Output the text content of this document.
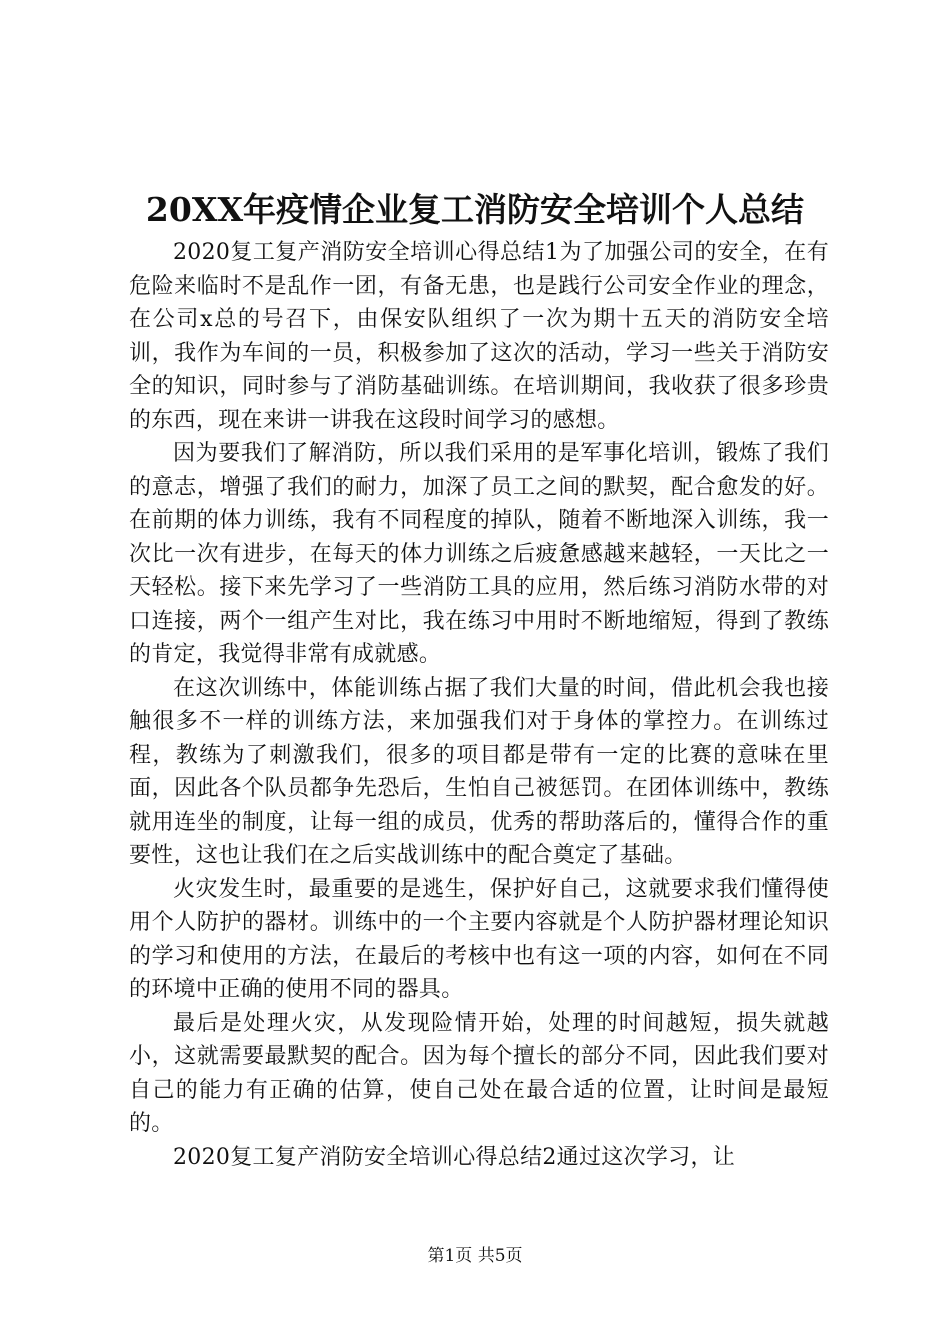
20XX年疫情企业复工消防安全培训个人总结

2020复工复产消防安全培训心得总结1为了加强公司的安全，在有危险来临时不是乱作一团，有备无患，也是践行公司安全作业的理念，在公司x总的号召下，由保安队组织了一次为期十五天的消防安全培训，我作为车间的一员，积极参加了这次的活动，学习一些关于消防安全的知识，同时参与了消防基础训练。在培训期间，我收获了很多珍贵的东西，现在来讲一讲我在这段时间学习的感想。

因为要我们了解消防，所以我们采用的是军事化培训，锻炼了我们的意志，增强了我们的耐力，加深了员工之间的默契，配合愈发的好。在前期的体力训练，我有不同程度的掉队，随着不断地深入训练，我一次比一次有进步，在每天的体力训练之后疲惫感越来越轻，一天比之一天轻松。接下来先学习了一些消防工具的应用，然后练习消防水带的对口连接，两个一组产生对比，我在练习中用时不断地缩短，得到了教练的肯定，我觉得非常有成就感。

在这次训练中，体能训练占据了我们大量的时间，借此机会我也接触很多不一样的训练方法，来加强我们对于身体的掌控力。在训练过程，教练为了刺激我们，很多的项目都是带有一定的比赛的意味在里面，因此各个队员都争先恐后，生怕自己被惩罚。在团体训练中，教练就用连坐的制度，让每一组的成员，优秀的帮助落后的，懂得合作的重要性，这也让我们在之后实战训练中的配合奠定了基础。

火灾发生时，最重要的是逃生，保护好自己，这就要求我们懂得使用个人防护的器材。训练中的一个主要内容就是个人防护器材理论知识的学习和使用的方法，在最后的考核中也有这一项的内容，如何在不同的环境中正确的使用不同的器具。

最后是处理火灾，从发现险情开始，处理的时间越短，损失就越小，这就需要最默契的配合。因为每个擅长的部分不同，因此我们要对自己的能力有正确的估算，使自己处在最合适的位置，让时间是最短的。

2020复工复产消防安全培训心得总结2通过这次学习，让

第1页 共5页
